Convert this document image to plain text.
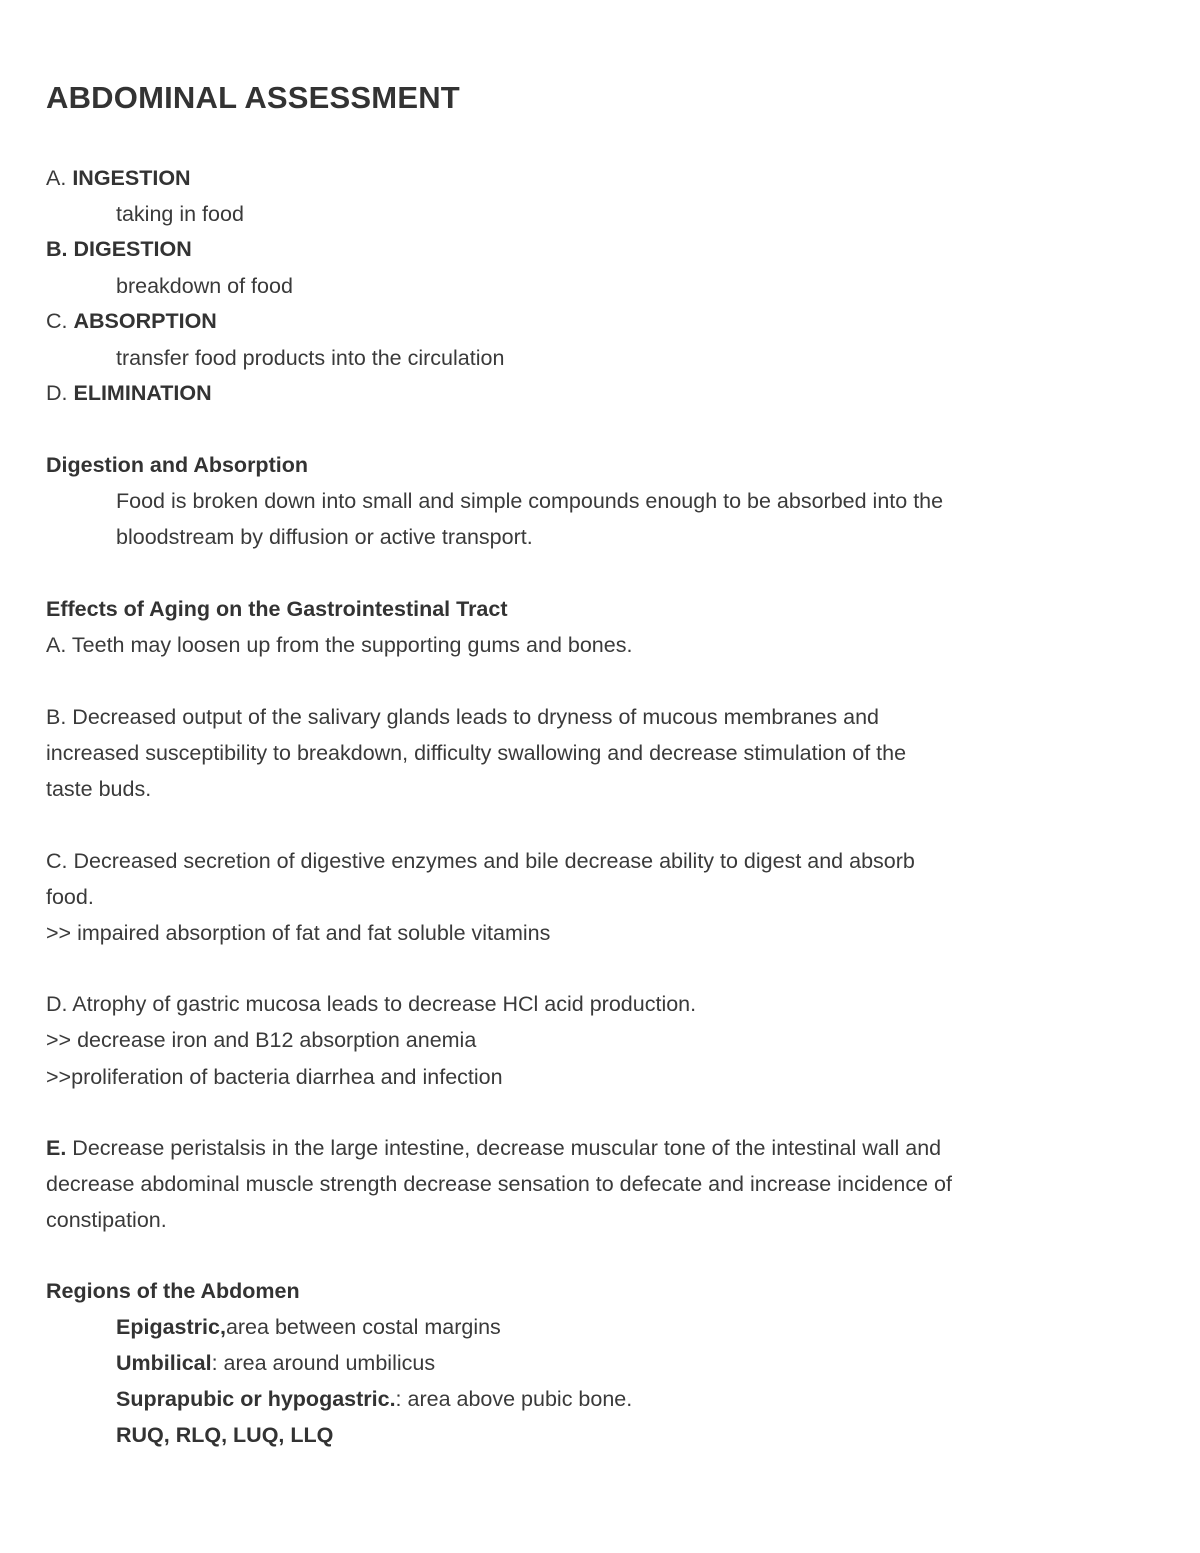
ABDOMINAL ASSESSMENT
A. INGESTION
taking in food
B. DIGESTION
breakdown of food
C. ABSORPTION
transfer food products into the circulation
D. ELIMINATION
Digestion and Absorption
Food is broken down into small and simple compounds enough to be absorbed into the
bloodstream by diffusion or active transport.
Effects of Aging on the Gastrointestinal Tract
A. Teeth may loosen up from the supporting gums and bones.
B. Decreased output of the salivary glands leads to dryness of mucous membranes and
increased susceptibility to breakdown, difficulty swallowing and decrease stimulation of the
taste buds.
C. Decreased secretion of digestive enzymes and bile decrease ability to digest and absorb
food.
>> impaired absorption of fat and fat soluble vitamins
D. Atrophy of gastric mucosa leads to decrease HCl acid production.
>> decrease iron and B12 absorption anemia
>>proliferation of bacteria diarrhea and infection
E. Decrease peristalsis in the large intestine, decrease muscular tone of the intestinal wall and
decrease abdominal muscle strength decrease sensation to defecate and increase incidence of
constipation.
Regions of the Abdomen
Epigastric,area between costal margins
Umbilical: area around umbilicus
Suprapubic or hypogastric.: area above pubic bone.
RUQ, RLQ, LUQ, LLQ
